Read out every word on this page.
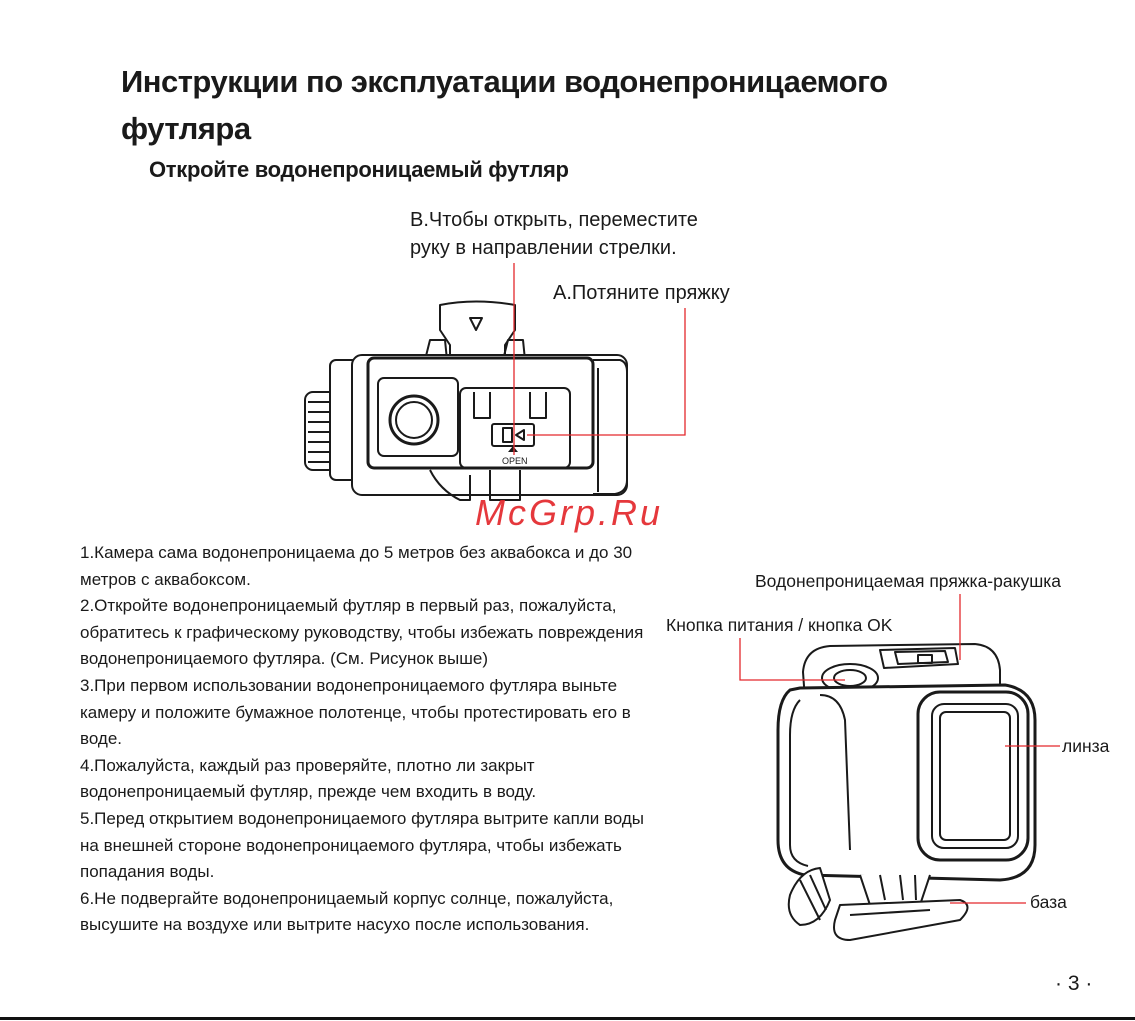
Инструкции по эксплуатации водонепроницаемого футляра
Откройте водонепроницаемый футляр
B.Чтобы открыть, переместите
руку в направлении стрелки.
A.Потяните пряжку
OPEN
McGrp.Ru
1.Камера сама водонепроницаема до 5 метров без аквабокса и до 30 метров с аквабоксом.
2.Откройте водонепроницаемый футляр в первый раз, пожалуйста, обратитесь к графическому руководству, чтобы избежать повреждения водонепроницаемого футляра. (См. Рисунок выше)
3.При первом использовании водонепроницаемого футляра выньте камеру и положите бумажное полотенце, чтобы протестировать его в воде.
4.Пожалуйста, каждый раз проверяйте, плотно ли закрыт водонепроницаемый футляр, прежде чем входить в воду.
5.Перед открытием водонепроницаемого футляра вытрите капли воды на внешней стороне водонепроницаемого футляра, чтобы избежать попадания воды.
6.Не подвергайте водонепроницаемый корпус солнце, пожалуйста, высушите на воздухе или вытрите насухо после использования.
Водонепроницаемая пряжка-ракушка
Кнопка питания / кнопка OK
линза
база
· 3 ·
